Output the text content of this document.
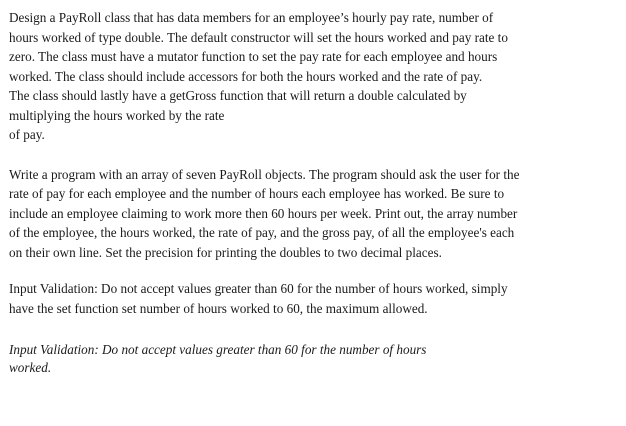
Design a PayRoll class that has data members for an employee’s hourly pay rate, number of
hours worked of type double. The default constructor will set the hours worked and pay rate to
zero. The class must have a mutator function to set the pay rate for each employee and hours
worked. The class should include accessors for both the hours worked and the rate of pay.
The class should lastly have a getGross function that will return a double calculated by
multiplying the hours worked by the rate
of pay.
Write a program with an array of seven PayRoll objects. The program should ask the user for the
rate of pay for each employee and the number of hours each employee has worked. Be sure to
include an employee claiming to work more then 60 hours per week. Print out, the array number
of the employee, the hours worked, the rate of pay, and the gross pay, of all the employee's each
on their own line. Set the precision for printing the doubles to two decimal places.
Input Validation: Do not accept values greater than 60 for the number of hours worked, simply
have the set function set number of hours worked to 60, the maximum allowed.
Input Validation: Do not accept values greater than 60 for the number of hours
worked.
